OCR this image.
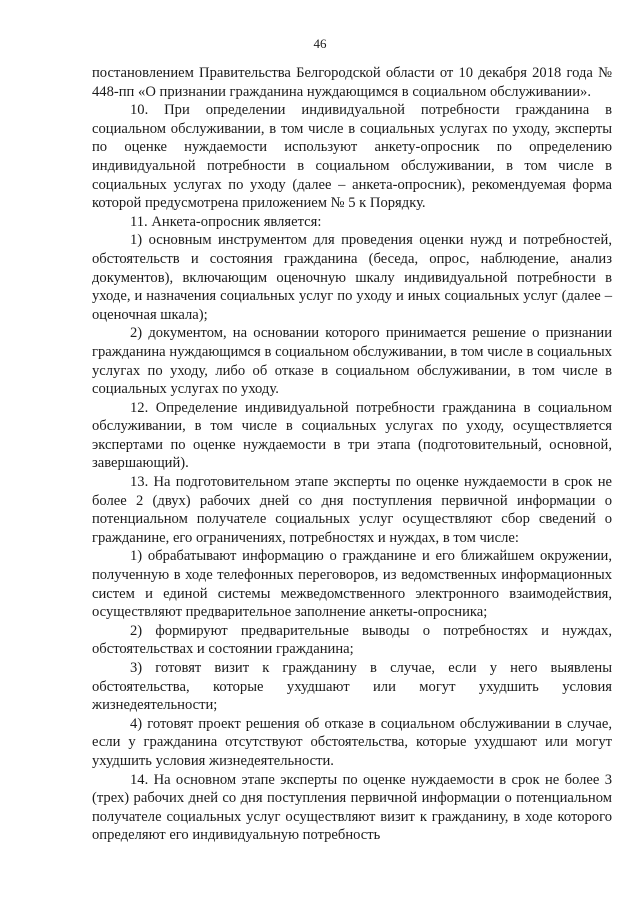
46

постановлением Правительства Белгородской области от 10 декабря 2018 года № 448-пп «О признании гражданина нуждающимся в социальном обслуживании».

10. При определении индивидуальной потребности гражданина в социальном обслуживании, в том числе в социальных услугах по уходу, эксперты по оценке нуждаемости используют анкету-опросник по определению индивидуальной потребности в социальном обслуживании, в том числе в социальных услугах по уходу (далее – анкета-опросник), рекомендуемая форма которой предусмотрена приложением № 5 к Порядку.

11. Анкета-опросник является:

1) основным инструментом для проведения оценки нужд и потребностей, обстоятельств и состояния гражданина (беседа, опрос, наблюдение, анализ документов), включающим оценочную шкалу индивидуальной потребности в уходе, и назначения социальных услуг по уходу и иных социальных услуг (далее – оценочная шкала);

2) документом, на основании которого принимается решение о признании гражданина нуждающимся в социальном обслуживании, в том числе в социальных услугах по уходу, либо об отказе в социальном обслуживании, в том числе в социальных услугах по уходу.

12. Определение индивидуальной потребности гражданина в социальном обслуживании, в том числе в социальных услугах по уходу, осуществляется экспертами по оценке нуждаемости в три этапа (подготовительный, основной, завершающий).

13. На подготовительном этапе эксперты по оценке нуждаемости в срок не более 2 (двух) рабочих дней со дня поступления первичной информации о потенциальном получателе социальных услуг осуществляют сбор сведений о гражданине, его ограничениях, потребностях и нуждах, в том числе:

1) обрабатывают информацию о гражданине и его ближайшем окружении, полученную в ходе телефонных переговоров, из ведомственных информационных систем и единой системы межведомственного электронного взаимодействия, осуществляют предварительное заполнение анкеты-опросника;

2) формируют предварительные выводы о потребностях и нуждах, обстоятельствах и состоянии гражданина;

3) готовят визит к гражданину в случае, если у него выявлены обстоятельства, которые ухудшают или могут ухудшить условия жизнедеятельности;

4) готовят проект решения об отказе в социальном обслуживании в случае, если у гражданина отсутствуют обстоятельства, которые ухудшают или могут ухудшить условия жизнедеятельности.

14. На основном этапе эксперты по оценке нуждаемости в срок не более 3 (трех) рабочих дней со дня поступления первичной информации о потенциальном получателе социальных услуг осуществляют визит к гражданину, в ходе которого определяют его индивидуальную потребность
